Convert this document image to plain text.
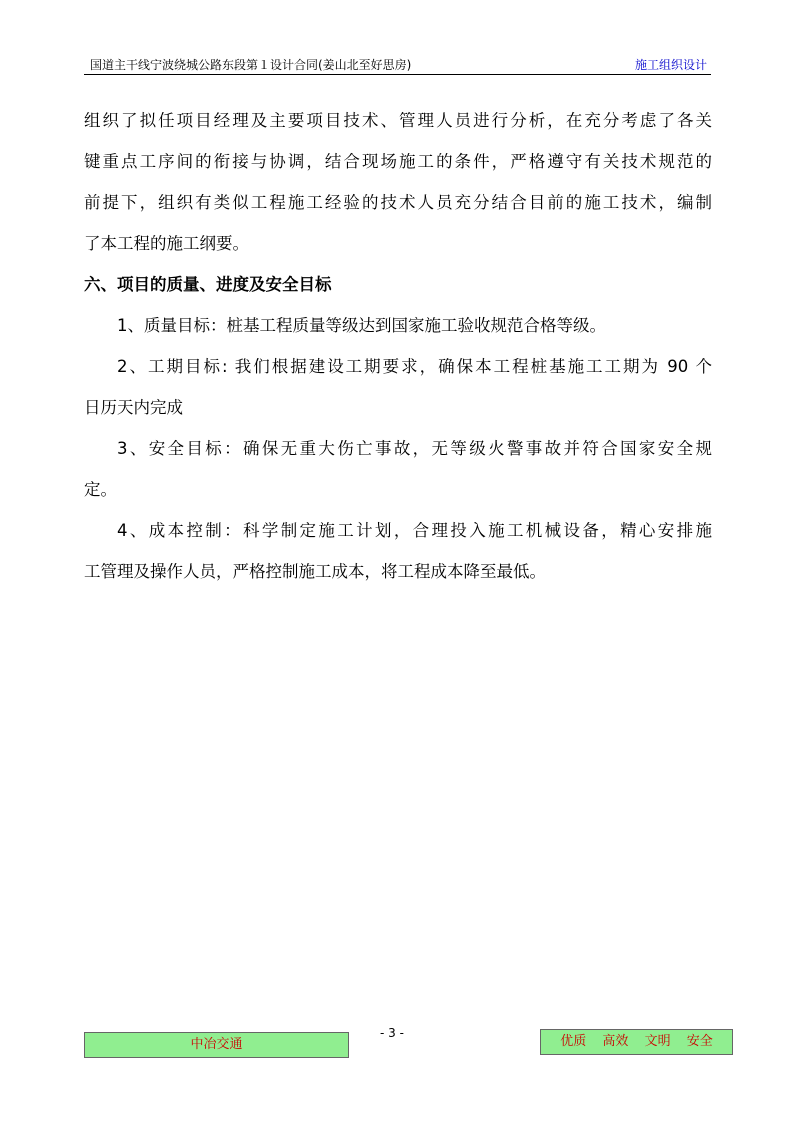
国道主干线宁波绕城公路东段第１设计合同(姜山北至好思房)	施工组织设计
组织了拟任项目经理及主要项目技术、管理人员进行分析，在充分考虑了各关
键重点工序间的衔接与协调，结合现场施工的条件，严格遵守有关技术规范的
前提下，组织有类似工程施工经验的技术人员充分结合目前的施工技术，编制
了本工程的施工纲要。
六、项目的质量、进度及安全目标
1、质量目标：桩基工程质量等级达到国家施工验收规范合格等级。
2、工期目标: 我们根据建设工期要求，确保本工程桩基施工工期为 90 个
日历天内完成
3、安全目标：确保无重大伤亡事故，无等级火警事故并符合国家安全规
定。
4、成本控制：科学制定施工计划，合理投入施工机械设备，精心安排施
工管理及操作人员，严格控制施工成本，将工程成本降至最低。
- 3 -
中冶交通	优质 高效 文明 安全
